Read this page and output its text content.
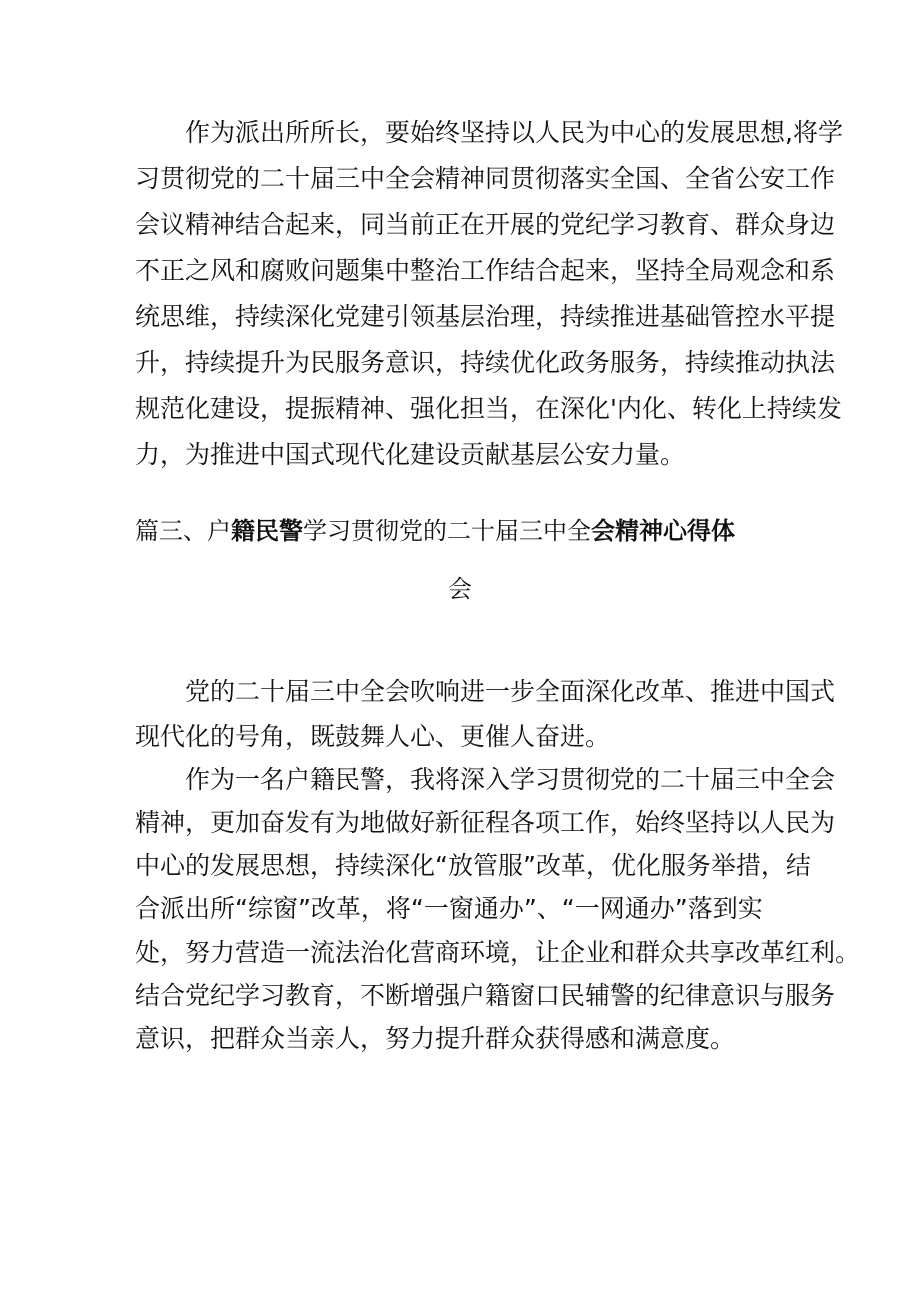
作为派出所所长，要始终坚持以人民为中心的发展思想,将学
习贯彻党的二十届三中全会精神同贯彻落实全国、全省公安工作
会议精神结合起来，同当前正在开展的党纪学习教育、群众身边
不正之风和腐败问题集中整治工作结合起来，坚持全局观念和系
统思维，持续深化党建引领基层治理，持续推进基础管控水平提
升，持续提升为民服务意识，持续优化政务服务，持续推动执法
规范化建设，提振精神、强化担当，在深化'内化、转化上持续发
力，为推进中国式现代化建设贡献基层公安力量。
篇三、户籍民警学习贯彻党的二十届三中全会精神心得体
会
党的二十届三中全会吹响进一步全面深化改革、推进中国式
现代化的号角，既鼓舞人心、更催人奋进。
作为一名户籍民警，我将深入学习贯彻党的二十届三中全会
精神，更加奋发有为地做好新征程各项工作，始终坚持以人民为
中心的发展思想，持续深化“放管服”改革，优化服务举措，结
合派出所“综窗”改革，将“一窗通办”、“一网通办”落到实
处，努力营造一流法治化营商环境，让企业和群众共享改革红利。
结合党纪学习教育，不断增强户籍窗口民辅警的纪律意识与服务
意识，把群众当亲人，努力提升群众获得感和满意度。
